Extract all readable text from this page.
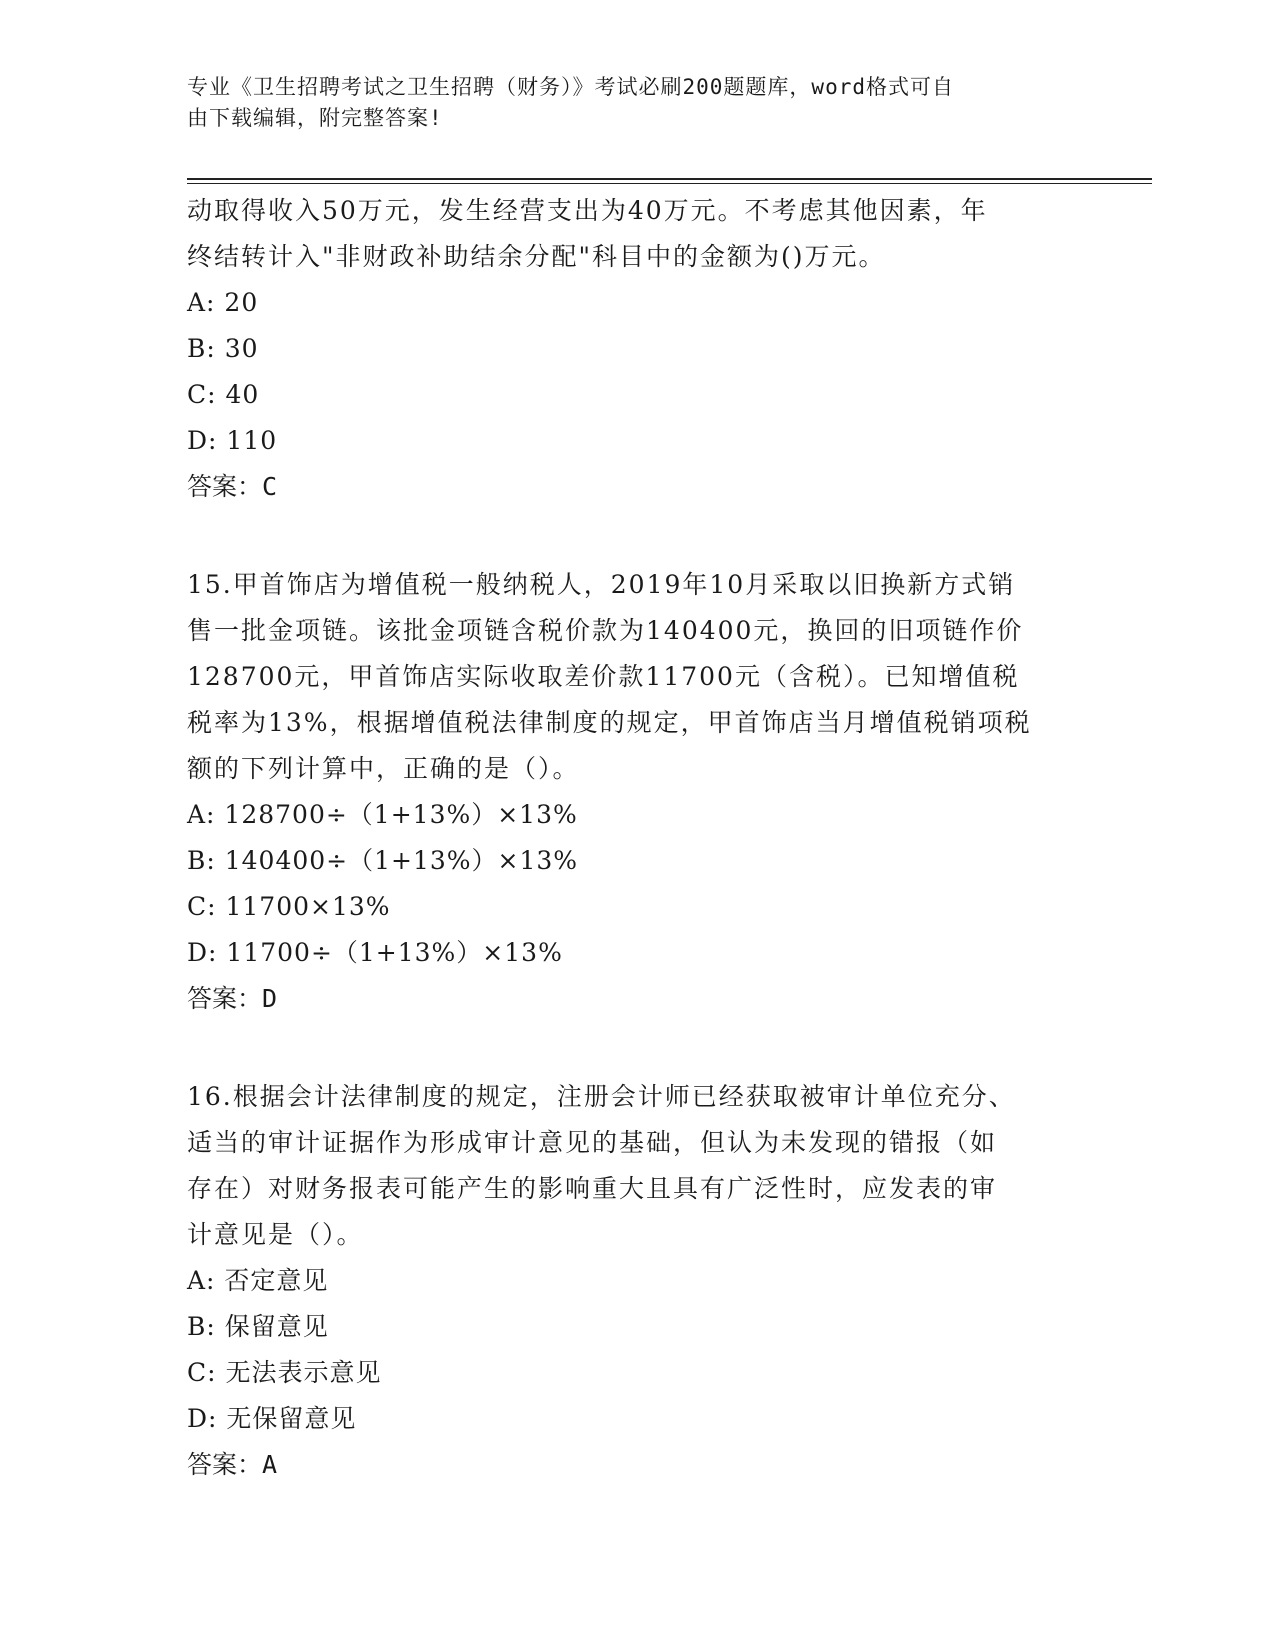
专业《卫生招聘考试之卫生招聘（财务）》考试必刷200题题库，word格式可自
由下载编辑，附完整答案!
动取得收入50万元，发生经营支出为40万元。不考虑其他因素，年
终结转计入"非财政补助结余分配"科目中的金额为()万元。
A: 20
B: 30
C: 40
D: 110
答案：C
15.甲首饰店为增值税一般纳税人，2019年10月采取以旧换新方式销
售一批金项链。该批金项链含税价款为140400元，换回的旧项链作价
128700元，甲首饰店实际收取差价款11700元（含税）。已知增值税
税率为13%，根据增值税法律制度的规定，甲首饰店当月增值税销项税
额的下列计算中，正确的是（）。
A: 128700÷（1+13%）×13%
B: 140400÷（1+13%）×13%
C: 11700×13%
D: 11700÷（1+13%）×13%
答案：D
16.根据会计法律制度的规定，注册会计师已经获取被审计单位充分、
适当的审计证据作为形成审计意见的基础，但认为未发现的错报（如
存在）对财务报表可能产生的影响重大且具有广泛性时，应发表的审
计意见是（）。
A: 否定意见
B: 保留意见
C: 无法表示意见
D: 无保留意见
答案：A
